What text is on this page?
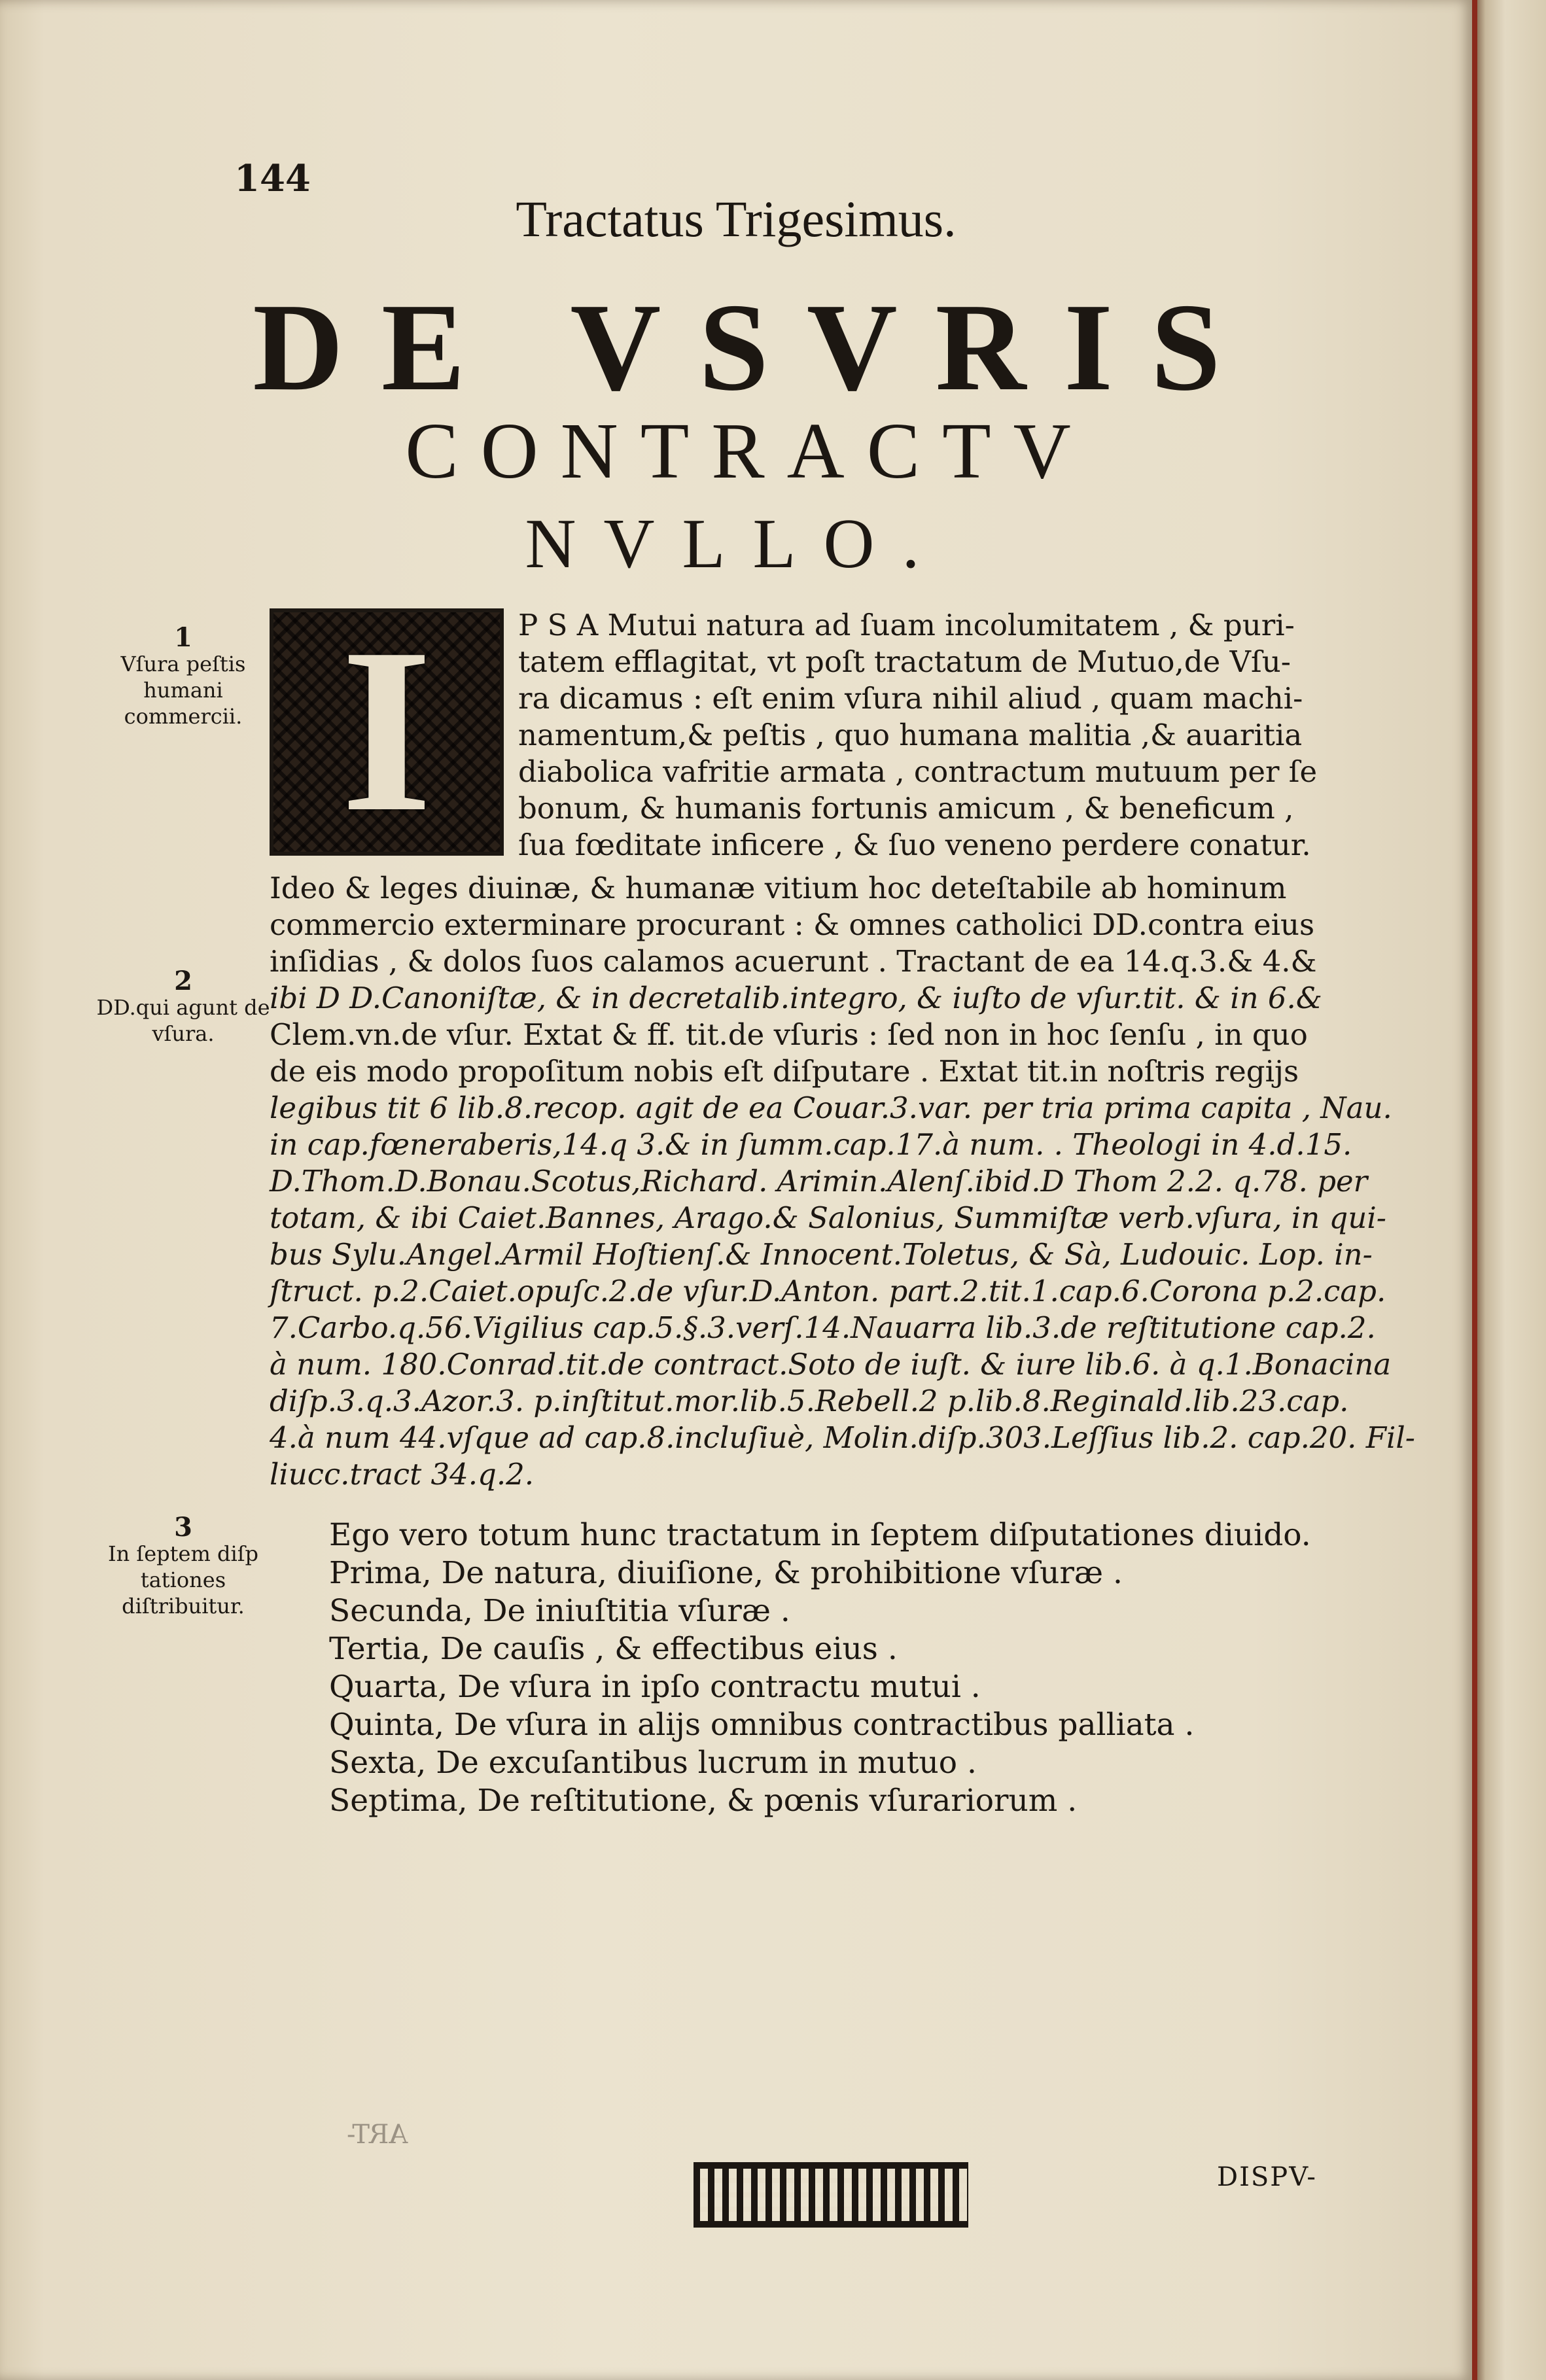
144
Tractatus Trigesimus.
DE VSVRIS
CONTRACTV
NVLLO.
1
Vſura peſtis humani commercii.
2
DD.qui agunt de vſura.
3
In ſeptem diſp tationes diſtribuitur.
I	P S A Mutui natura ad ſuam incolumitatem , & puri-
tatem efflagitat, vt poſt tractatum de Mutuo,de Vſu-
ra dicamus : eſt enim vſura nihil aliud , quam machi-
namentum,& peſtis , quo humana malitia ,& auaritia
diabolica vafritie armata , contractum mutuum per ſe
bonum, & humanis fortunis amicum , & beneficum ,
ſua fœditate inficere , & ſuo veneno perdere conatur.
Ideo & leges diuinæ, & humanæ vitium hoc deteſtabile ab hominum
commercio exterminare procurant : & omnes catholici DD.contra eius
inſidias , & dolos ſuos calamos acuerunt . Tractant de ea 14.q.3.& 4.&
ibi D D.Canoniſtæ, & in decretalib.integro, & iuſto de vſur.tit. & in 6.&
Clem.vn.de vſur. Extat & ff. tit.de vſuris : ſed non in hoc ſenſu , in quo
de eis modo propoſitum nobis eſt diſputare . Extat tit.in noſtris regijs
legibus tit 6 lib.8.recop. agit de ea Couar.3.var. per tria prima capita , Nau.
in cap.fœneraberis,14.q 3.& in ſumm.cap.17.à num. . Theologi in 4.d.15.
D.Thom.D.Bonau.Scotus,Richard. Arimin.Alenſ.ibid.D Thom 2.2. q.78. per
totam, & ibi Caiet.Bannes, Arago.& Salonius, Summiſtæ verb.vſura, in qui-
bus Sylu.Angel.Armil Hoſtienſ.& Innocent.Toletus, & Sà, Ludouic. Lop. in-
ſtruct. p.2.Caiet.opuſc.2.de vſur.D.Anton. part.2.tit.1.cap.6.Corona p.2.cap.
7.Carbo.q.56.Vigilius cap.5.§.3.verſ.14.Nauarra lib.3.de reſtitutione cap.2.
à num. 180.Conrad.tit.de contract.Soto de iuſt. & iure lib.6. à q.1.Bonacina
diſp.3.q.3.Azor.3. p.inſtitut.mor.lib.5.Rebell.2 p.lib.8.Reginald.lib.23.cap.
4.à num 44.vſque ad cap.8.incluſiuè, Molin.diſp.303.Leſſius lib.2. cap.20. Fil-
liucc.tract 34.q.2.
Ego vero totum hunc tractatum in ſeptem diſputationes diuido.
Prima, De natura, diuiſione, & prohibitione vſuræ .
Secunda, De iniuſtitia vſuræ .
Tertia, De cauſis , & effectibus eius .
Quarta, De vſura in ipſo contractu mutui .
Quinta, De vſura in alijs omnibus contractibus palliata .
Sexta, De excuſantibus lucrum in mutuo .
Septima, De reſtitutione, & pœnis vſurariorum .
ART-
DISPV-
